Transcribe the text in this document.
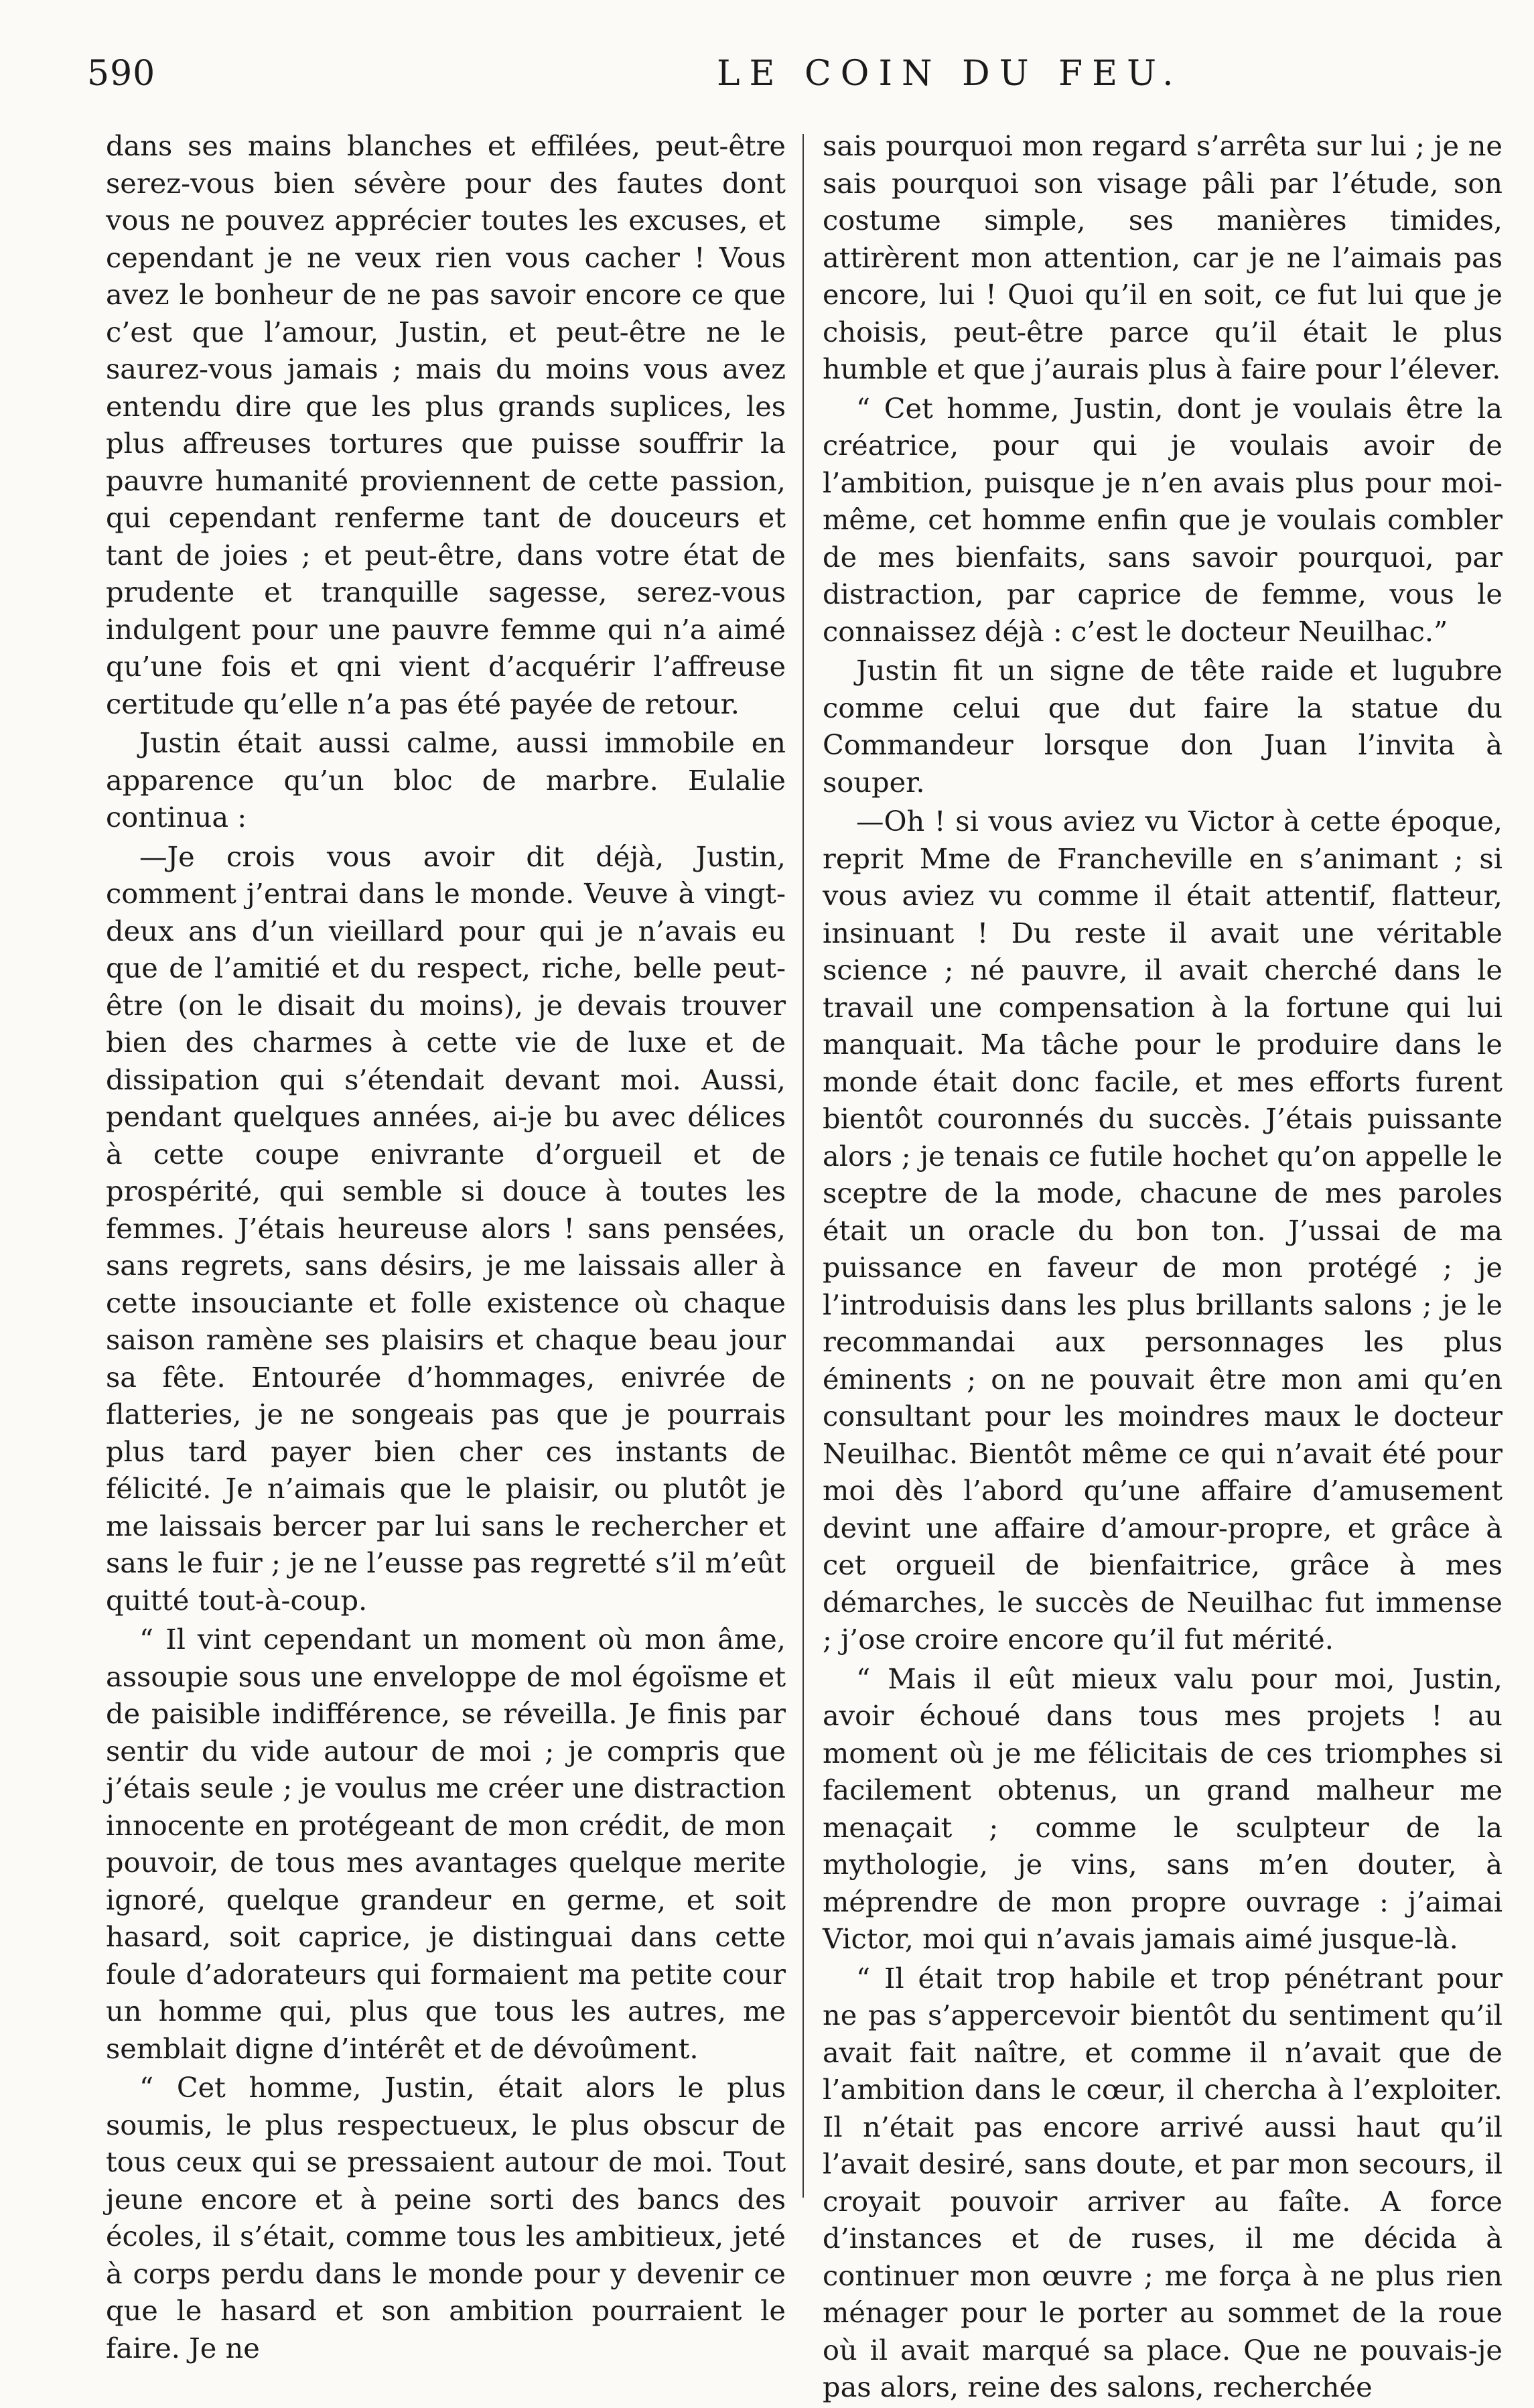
590	LE COIN DU FEU.

dans ses mains blanches et effilées, peut-être serez-vous bien sévère pour des fautes dont vous ne pouvez apprécier toutes les excuses, et cependant je ne veux rien vous cacher ! Vous avez le bonheur de ne pas savoir encore ce que c’est que l’amour, Justin, et peut-être ne le saurez-vous jamais ; mais du moins vous avez entendu dire que les plus grands suplices, les plus affreuses tortures que puisse souffrir la pauvre humanité proviennent de cette passion, qui cependant renferme tant de douceurs et tant de joies ; et peut-être, dans votre état de prudente et tranquille sagesse, serez-vous indulgent pour une pauvre femme qui n’a aimé qu’une fois et qni vient d’acquérir l’affreuse certitude qu’elle n’a pas été payée de retour.

Justin était aussi calme, aussi immobile en apparence qu’un bloc de marbre. Eulalie continua :

—Je crois vous avoir dit déjà, Justin, comment j’entrai dans le monde. Veuve à vingt-deux ans d’un vieillard pour qui je n’avais eu que de l’amitié et du respect, riche, belle peut-être (on le disait du moins), je devais trouver bien des charmes à cette vie de luxe et de dissipation qui s’étendait devant moi. Aussi, pendant quelques années, ai-je bu avec délices à cette coupe enivrante d’orgueil et de prospérité, qui semble si douce à toutes les femmes. J’étais heureuse alors ! sans pensées, sans regrets, sans désirs, je me laissais aller à cette insouciante et folle existence où chaque saison ramène ses plaisirs et chaque beau jour sa fête. Entourée d’hommages, enivrée de flatteries, je ne songeais pas que je pourrais plus tard payer bien cher ces instants de félicité. Je n’aimais que le plaisir, ou plutôt je me laissais bercer par lui sans le rechercher et sans le fuir ; je ne l’eusse pas regretté s’il m’eût quitté tout-à-coup.

“ Il vint cependant un moment où mon âme, assoupie sous une enveloppe de mol égoïsme et de paisible indifférence, se réveilla. Je finis par sentir du vide autour de moi ; je compris que j’étais seule ; je voulus me créer une distraction innocente en protégeant de mon crédit, de mon pouvoir, de tous mes avantages quelque merite ignoré, quelque grandeur en germe, et soit hasard, soit caprice, je distinguai dans cette foule d’adorateurs qui formaient ma petite cour un homme qui, plus que tous les autres, me semblait digne d’intérêt et de dévoûment.

“ Cet homme, Justin, était alors le plus soumis, le plus respectueux, le plus obscur de tous ceux qui se pressaient autour de moi. Tout jeune encore et à peine sorti des bancs des écoles, il s’était, comme tous les ambitieux, jeté à corps perdu dans le monde pour y devenir ce que le hasard et son ambition pourraient le faire. Je ne

sais pourquoi mon regard s’arrêta sur lui ; je ne sais pourquoi son visage pâli par l’étude, son costume simple, ses manières timides, attirèrent mon attention, car je ne l’aimais pas encore, lui ! Quoi qu’il en soit, ce fut lui que je choisis, peut-être parce qu’il était le plus humble et que j’aurais plus à faire pour l’élever.

“ Cet homme, Justin, dont je voulais être la créatrice, pour qui je voulais avoir de l’ambition, puisque je n’en avais plus pour moi-même, cet homme enfin que je voulais combler de mes bienfaits, sans savoir pourquoi, par distraction, par caprice de femme, vous le connaissez déjà : c’est le docteur Neuilhac.”

Justin fit un signe de tête raide et lugubre comme celui que dut faire la statue du Commandeur lorsque don Juan l’invita à souper.

—Oh ! si vous aviez vu Victor à cette époque, reprit Mme de Francheville en s’animant ; si vous aviez vu comme il était attentif, flatteur, insinuant ! Du reste il avait une véritable science ; né pauvre, il avait cherché dans le travail une compensation à la fortune qui lui manquait. Ma tâche pour le produire dans le monde était donc facile, et mes efforts furent bientôt couronnés du succès. J’étais puissante alors ; je tenais ce futile hochet qu’on appelle le sceptre de la mode, chacune de mes paroles était un oracle du bon ton. J’ussai de ma puissance en faveur de mon protégé ; je l’introduisis dans les plus brillants salons ; je le recommandai aux personnages les plus éminents ; on ne pouvait être mon ami qu’en consultant pour les moindres maux le docteur Neuilhac. Bientôt même ce qui n’avait été pour moi dès l’abord qu’une affaire d’amusement devint une affaire d’amour-propre, et grâce à cet orgueil de bienfaitrice, grâce à mes démarches, le succès de Neuilhac fut immense ; j’ose croire encore qu’il fut mérité.

“ Mais il eût mieux valu pour moi, Justin, avoir échoué dans tous mes projets ! au moment où je me félicitais de ces triomphes si facilement obtenus, un grand malheur me menaçait ; comme le sculpteur de la mythologie, je vins, sans m’en douter, à méprendre de mon propre ouvrage : j’aimai Victor, moi qui n’avais jamais aimé jusque-là.

“ Il était trop habile et trop pénétrant pour ne pas s’appercevoir bientôt du sentiment qu’il avait fait naître, et comme il n’avait que de l’ambition dans le cœur, il chercha à l’exploiter. Il n’était pas encore arrivé aussi haut qu’il l’avait desiré, sans doute, et par mon secours, il croyait pouvoir arriver au faîte. A force d’instances et de ruses, il me décida à continuer mon œuvre ; me força à ne plus rien ménager pour le porter au sommet de la roue où il avait marqué sa place. Que ne pouvais-je pas alors, reine des salons, recherchée
